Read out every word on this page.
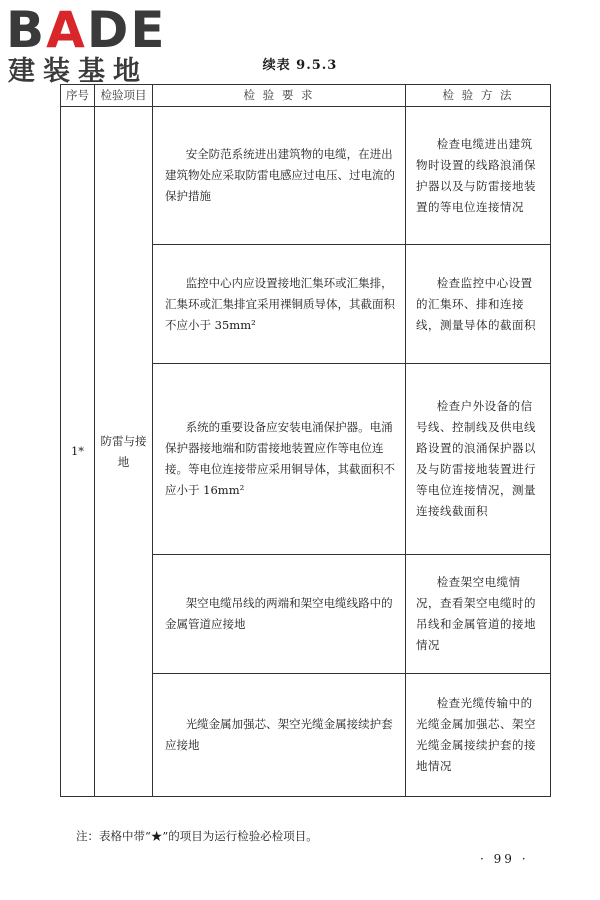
BADE
建装基地	续表 9.5.3
序号	检验项目	检 验 要 求	检 验 方 法
1*	防雷与接地	安全防范系统进出建筑物的电缆，在进出建筑物处应采取防雷电感应过电压、过电流的保护措施	检查电缆进出建筑物时设置的线路浪涌保护器以及与防雷接地装置的等电位连接情况
		监控中心内应设置接地汇集环或汇集排，汇集环或汇集排宜采用裸铜质导体，其截面积不应小于 35mm²	检查监控中心设置的汇集环、排和连接线，测量导体的截面积
		系统的重要设备应安装电涌保护器。电涌保护器接地端和防雷接地装置应作等电位连接。等电位连接带应采用铜导体，其截面积不应小于 16mm²	检查户外设备的信号线、控制线及供电线路设置的浪涌保护器以及与防雷接地装置进行等电位连接情况，测量连接线截面积
		架空电缆吊线的两端和架空电缆线路中的金属管道应接地	检查架空电缆情况，查看架空电缆时的吊线和金属管道的接地情况
		光缆金属加强芯、架空光缆金属接续护套应接地	检查光缆传输中的光缆金属加强芯、架空光缆金属接续护套的接地情况
注：表格中带“★”的项目为运行检验必检项目。
· 99 ·
